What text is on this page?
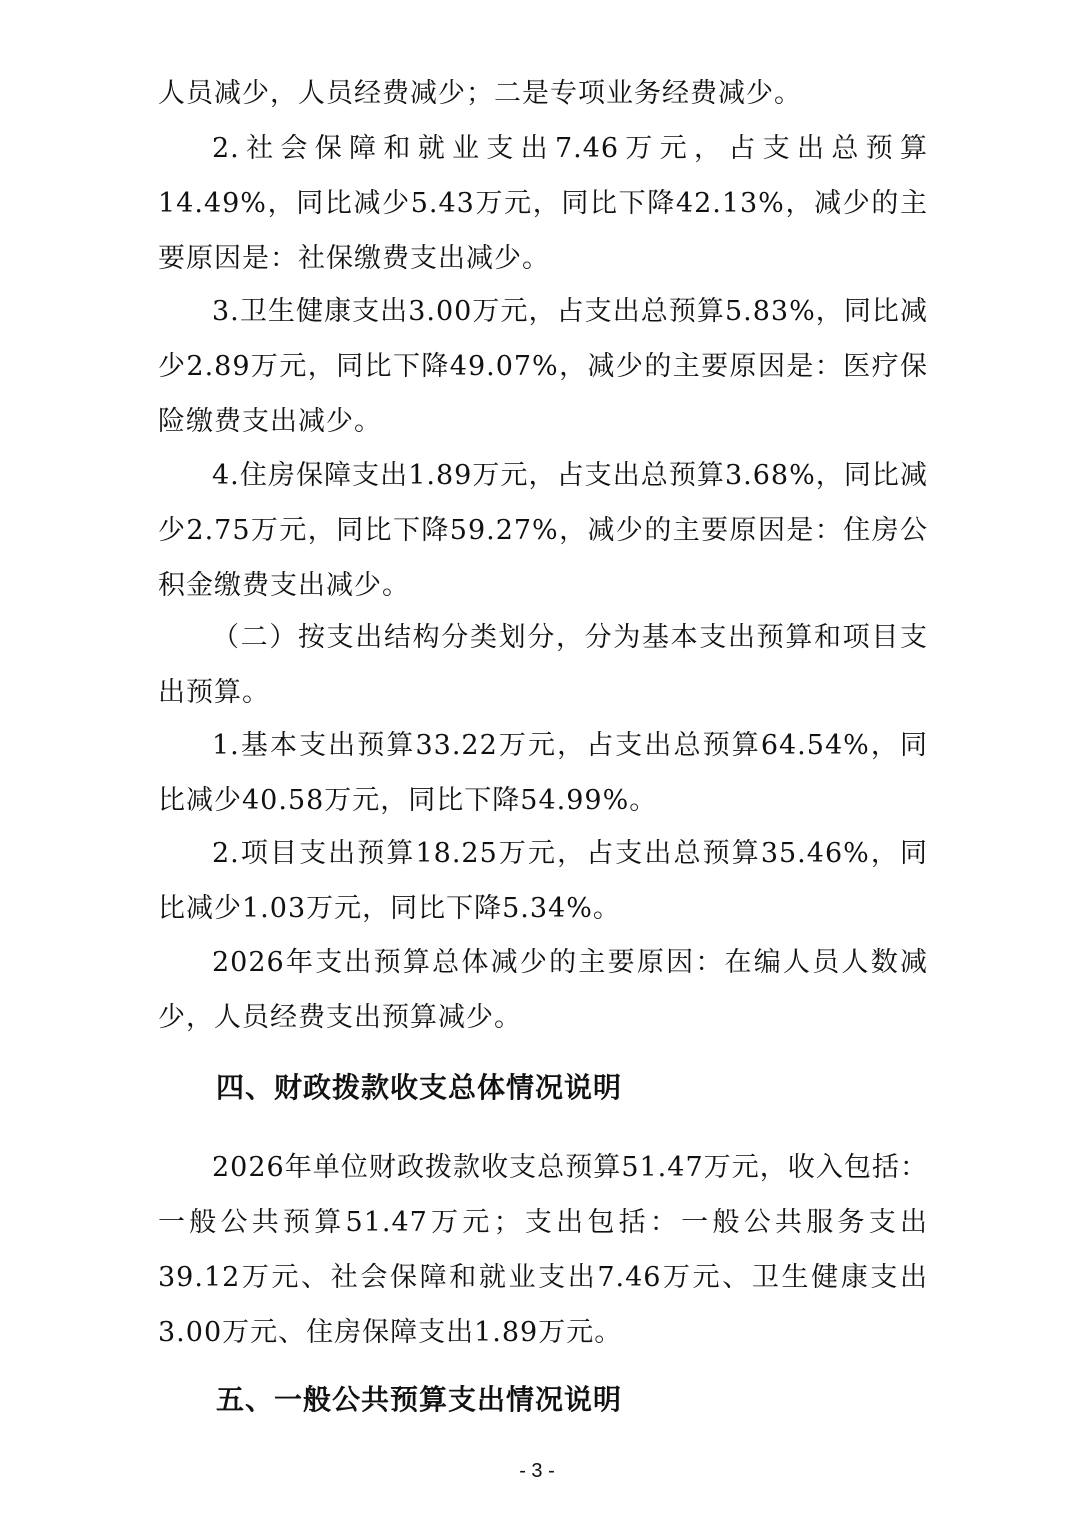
人员减少，人员经费减少；二是专项业务经费减少。

2.社会保障和就业支出7.46万元，占支出总预算14.49%，同比减少5.43万元，同比下降42.13%，减少的主要原因是：社保缴费支出减少。

3.卫生健康支出3.00万元，占支出总预算5.83%，同比减少2.89万元，同比下降49.07%，减少的主要原因是：医疗保险缴费支出减少。

4.住房保障支出1.89万元，占支出总预算3.68%，同比减少2.75万元，同比下降59.27%，减少的主要原因是：住房公积金缴费支出减少。

（二）按支出结构分类划分，分为基本支出预算和项目支出预算。

1.基本支出预算33.22万元，占支出总预算64.54%，同比减少40.58万元，同比下降54.99%。

2.项目支出预算18.25万元，占支出总预算35.46%，同比减少1.03万元，同比下降5.34%。

2026年支出预算总体减少的主要原因：在编人员人数减少，人员经费支出预算减少。

四、财政拨款收支总体情况说明

2026年单位财政拨款收支总预算51.47万元，收入包括：一般公共预算51.47万元；支出包括：一般公共服务支出39.12万元、社会保障和就业支出7.46万元、卫生健康支出3.00万元、住房保障支出1.89万元。

五、一般公共预算支出情况说明
- 3 -
